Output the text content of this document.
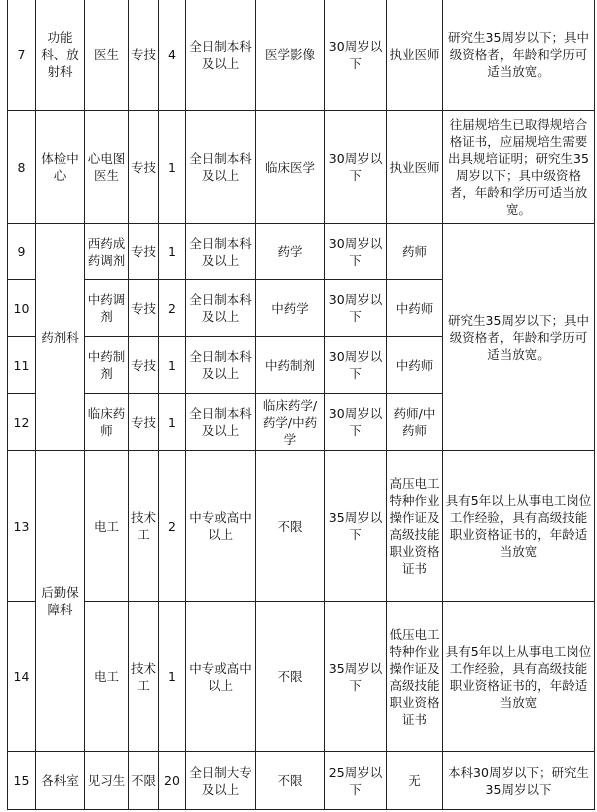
7	功能科、放射科	医生	专技	4	全日制本科及以上	医学影像	30周岁以下	执业医师	研究生35周岁以下；具中级资格者，年龄和学历可适当放宽。
8	体检中心	心电图医生	专技	1	全日制本科及以上	临床医学	30周岁以下	执业医师	往届规培生已取得规培合格证书，应届规培生需要出具规培证明；研究生35周岁以下；具中级资格者，年龄和学历可适当放宽。
9	药剂科	西药成药调剂	专技	1	全日制本科及以上	药学	30周岁以下	药师	研究生35周岁以下；具中级资格者，年龄和学历可适当放宽。
10		中药调剂	专技	2	全日制本科及以上	中药学	30周岁以下	中药师	
11		中药制剂	专技	1	全日制本科及以上	中药制剂	30周岁以下	中药师	
12		临床药师	专技	1	全日制本科及以上	临床药学/药学/中药学	30周岁以下	药师/中药师	
13	后勤保障科	电工	技术工	2	中专或高中以上	不限	35周岁以下	高压电工特种作业操作证及高级技能职业资格证书	具有5年以上从事电工岗位工作经验，具有高级技能职业资格证书的，年龄适当放宽
14		电工	技术工	1	中专或高中以上	不限	35周岁以下	低压电工特种作业操作证及高级技能职业资格证书	具有5年以上从事电工岗位工作经验，具有高级技能职业资格证书的，年龄适当放宽
15	各科室	见习生	不限	20	全日制大专及以上	不限	25周岁以下	无	本科30周岁以下；研究生35周岁以下
